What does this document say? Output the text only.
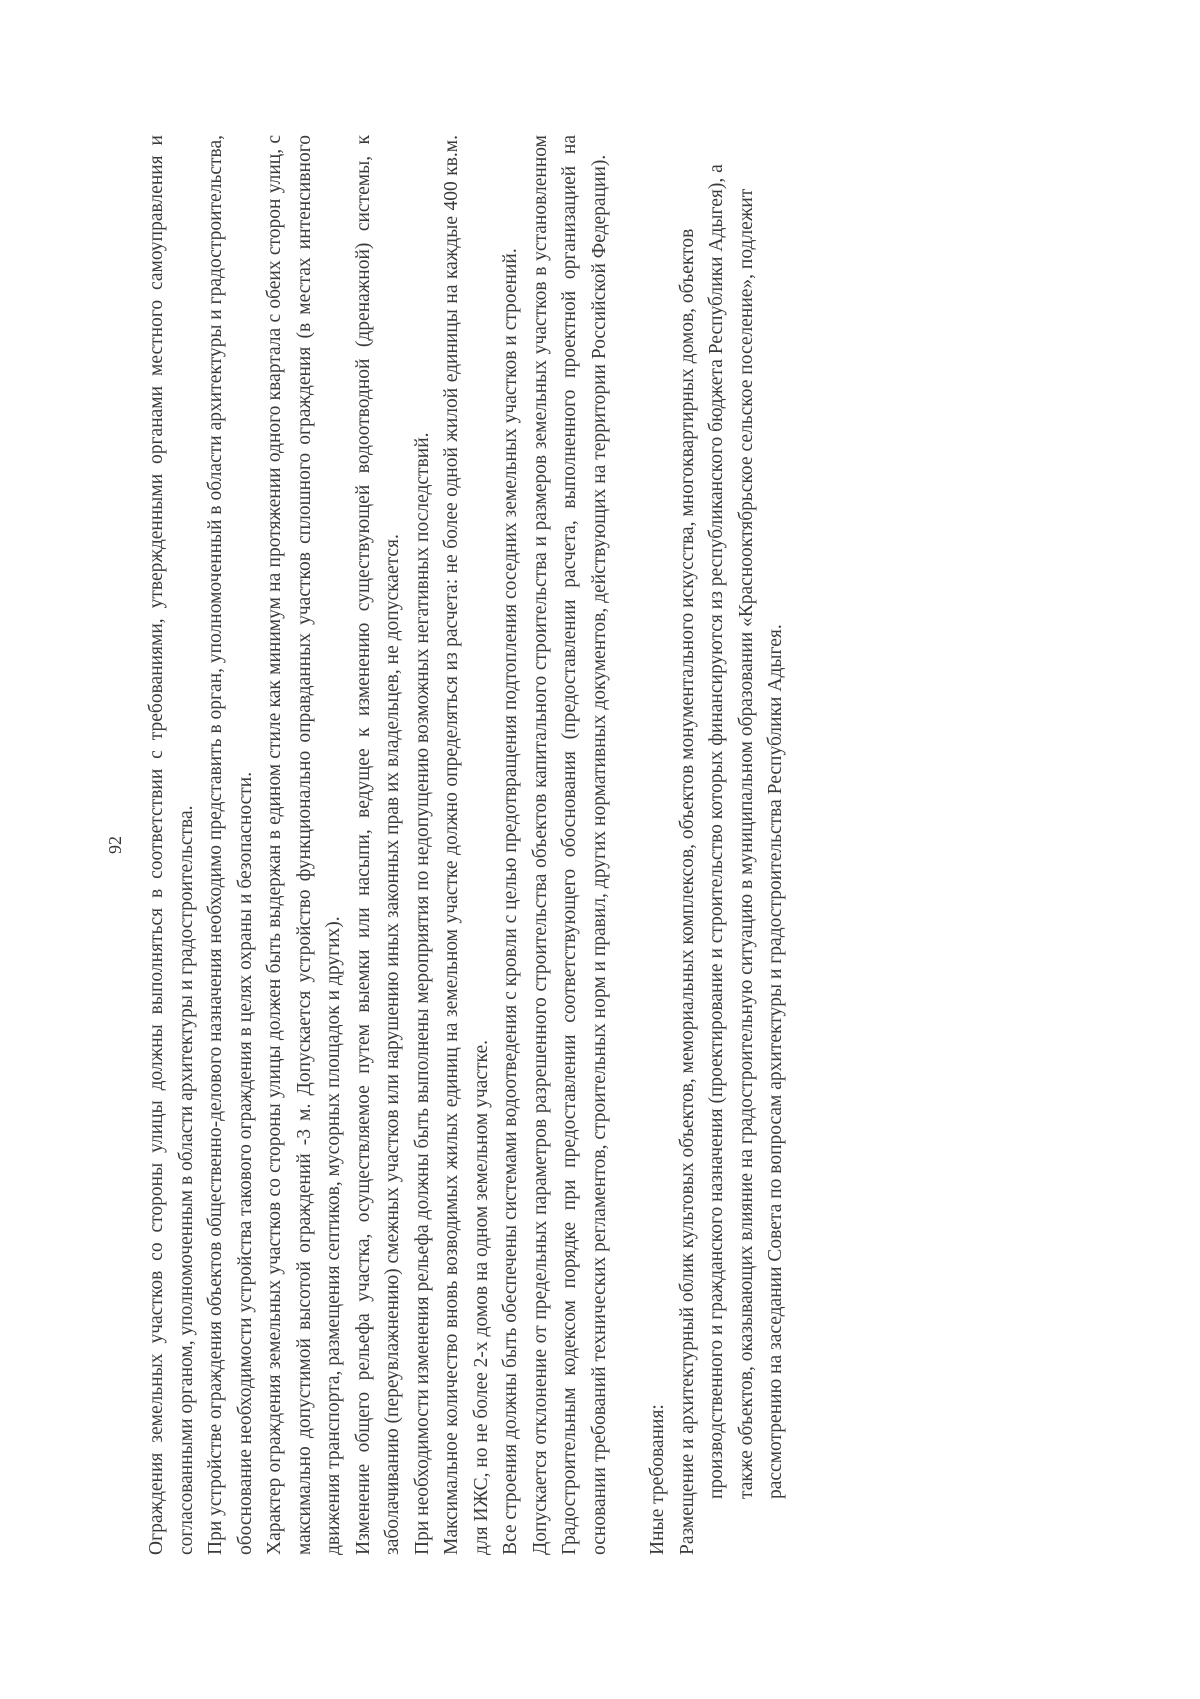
92 Ограждения земельных участков со стороны улицы должны выполняться в соответствии с требованиями, утвержденными органами местного самоуправления и согласованными органом, уполномоченным в области архитектуры и градостроительства. При устройстве ограждения объектов общественно-делового назначения необходимо представить в орган, уполномоченный в области архитектуры и градостроительства, обоснование необходимости устройства такового ограждения в целях охраны и безопасности. Характер ограждения земельных участков со стороны улицы должен быть выдержан в едином стиле как минимум на протяжении одного квартала с обеих сторон улиц, с максимально допустимой высотой ограждений -3 м. Допускается устройство функционально оправданных участков сплошного ограждения (в местах интенсивного движения транспорта, размещения септиков, мусорных площадок и других). Изменение общего рельефа участка, осуществляемое путем выемки или насыпи, ведущее к изменению существующей водоотводной (дренажной) системы, к заболачиванию (переувлажнению) смежных участков или нарушению иных законных прав их владельцев, не допускается. При необходимости изменения рельефа должны быть выполнены мероприятия по недопущению возможных негативных последствий. Максимальное количество вновь возводимых жилых единиц на земельном участке должно определяться из расчета: не более одной жилой единицы на каждые 400 кв.м. для ИЖС, но не более 2-х домов на одном земельном участке. Все строения должны быть обеспечены системами водоотведения с кровли с целью предотвращения подтопления соседних земельных участков и строений. Допускается отклонение от предельных параметров разрешенного строительства объектов капитального строительства и размеров земельных участков в установленном Градостроительным кодексом порядке при предоставлении соответствующего обоснования (предоставлении расчета, выполненного проектной организацией на основании требований технических регламентов, строительных норм и правил, других нормативных документов, действующих на территории Российской Федерации). Иные требования: Размещение и архитектурный облик культовых объектов, мемориальных комплексов, объектов монументального искусства, многоквартирных домов, объектов производственного и гражданского назначения (проектирование и строительство которых финансируются из республиканского бюджета Республики Адыгея), а также объектов, оказывающих влияние на градостроительную ситуацию в муниципальном образовании «Красноoктябрьское сельское поселение», подлежит рассмотрению на заседании Совета по вопросам архитектуры и градостроительства Республики Адыгея.
